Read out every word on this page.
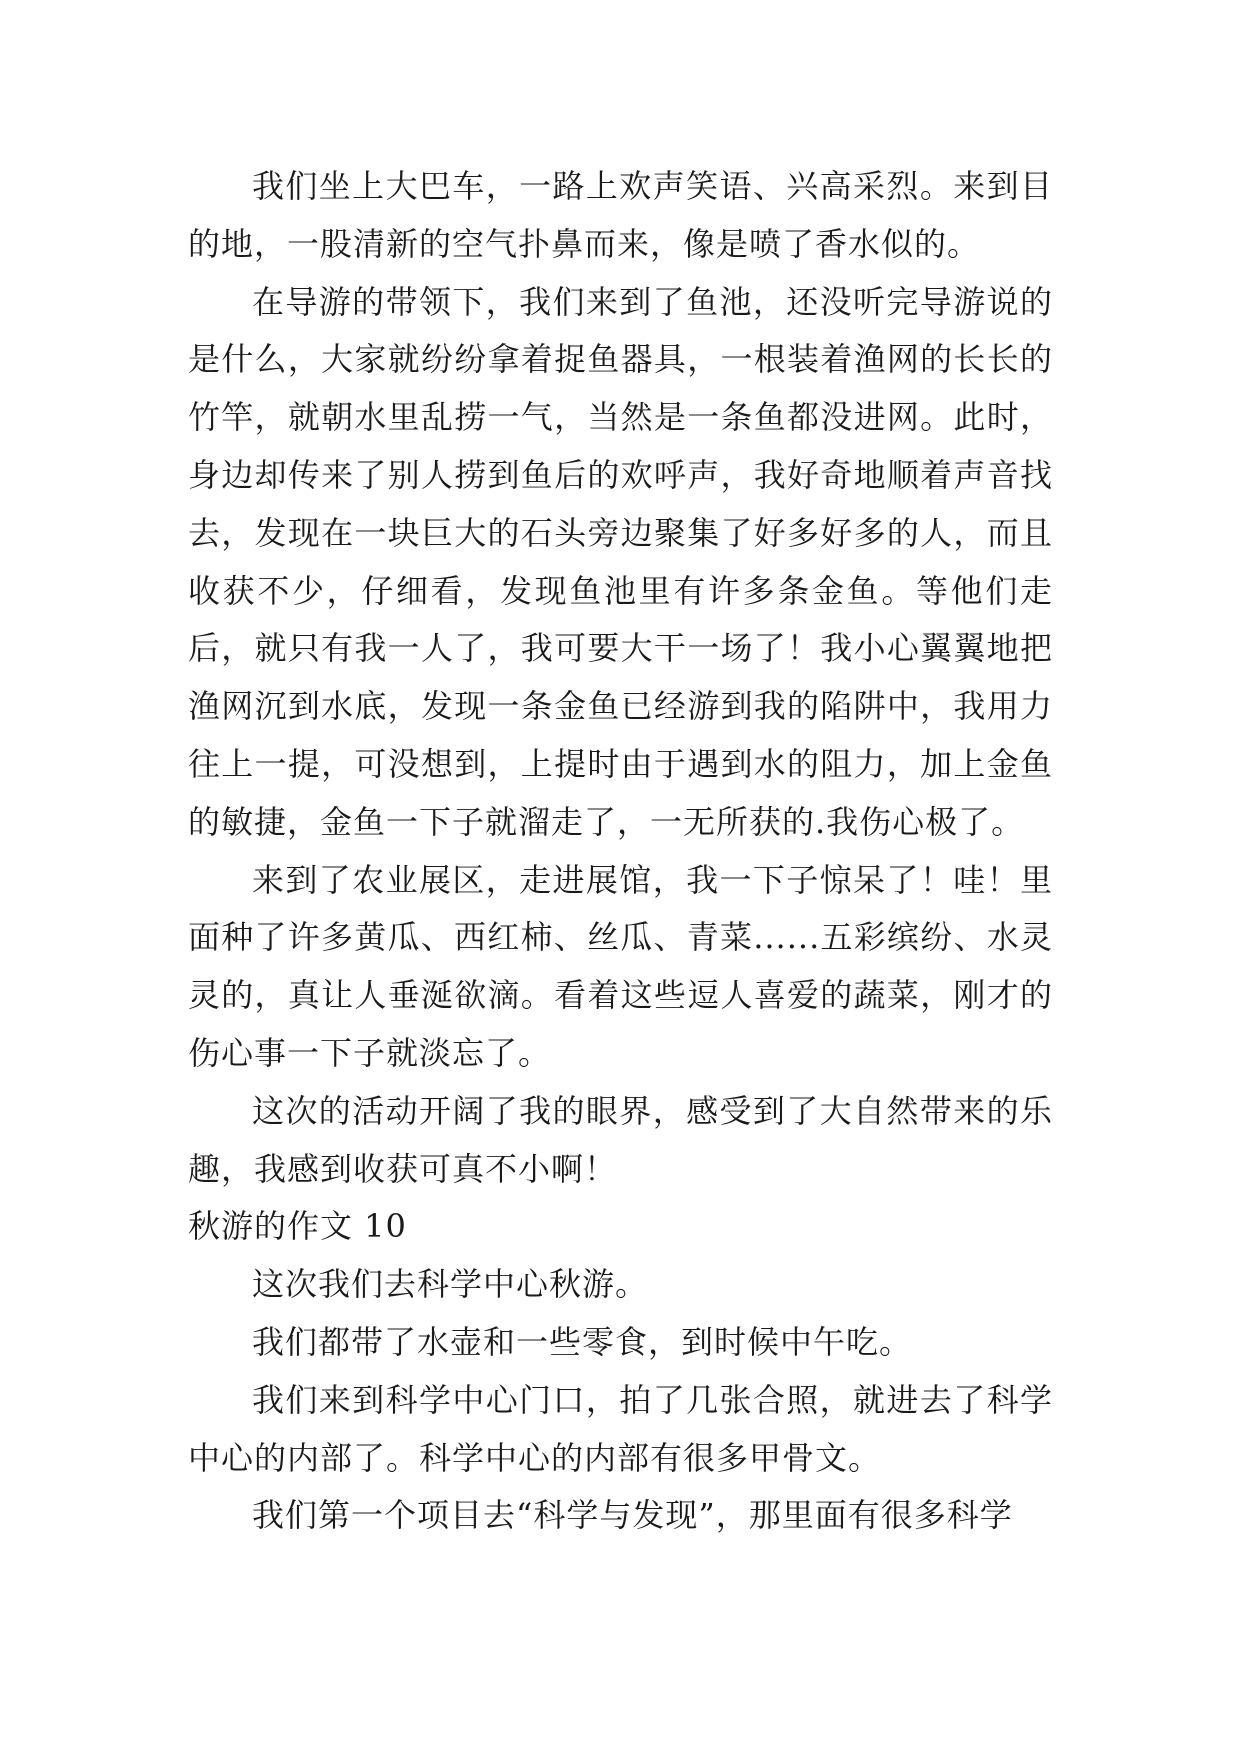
我们坐上大巴车，一路上欢声笑语、兴高采烈。来到目的地，一股清新的空气扑鼻而来，像是喷了香水似的。

在导游的带领下，我们来到了鱼池，还没听完导游说的是什么，大家就纷纷拿着捉鱼器具，一根装着渔网的长长的竹竿，就朝水里乱捞一气，当然是一条鱼都没进网。此时，身边却传来了别人捞到鱼后的欢呼声，我好奇地顺着声音找去，发现在一块巨大的石头旁边聚集了好多好多的人，而且收获不少，仔细看，发现鱼池里有许多条金鱼。等他们走后，就只有我一人了，我可要大干一场了！我小心翼翼地把渔网沉到水底，发现一条金鱼已经游到我的陷阱中，我用力往上一提，可没想到，上提时由于遇到水的阻力，加上金鱼的敏捷，金鱼一下子就溜走了，一无所获的.我伤心极了。

来到了农业展区，走进展馆，我一下子惊呆了！哇！里面种了许多黄瓜、西红柿、丝瓜、青菜......五彩缤纷、水灵灵的，真让人垂涎欲滴。看着这些逗人喜爱的蔬菜，刚才的伤心事一下子就淡忘了。

这次的活动开阔了我的眼界，感受到了大自然带来的乐趣，我感到收获可真不小啊！

秋游的作文 10

这次我们去科学中心秋游。

我们都带了水壶和一些零食，到时候中午吃。

我们来到科学中心门口，拍了几张合照，就进去了科学中心的内部了。科学中心的内部有很多甲骨文。

我们第一个项目去“科学与发现”，那里面有很多科学
